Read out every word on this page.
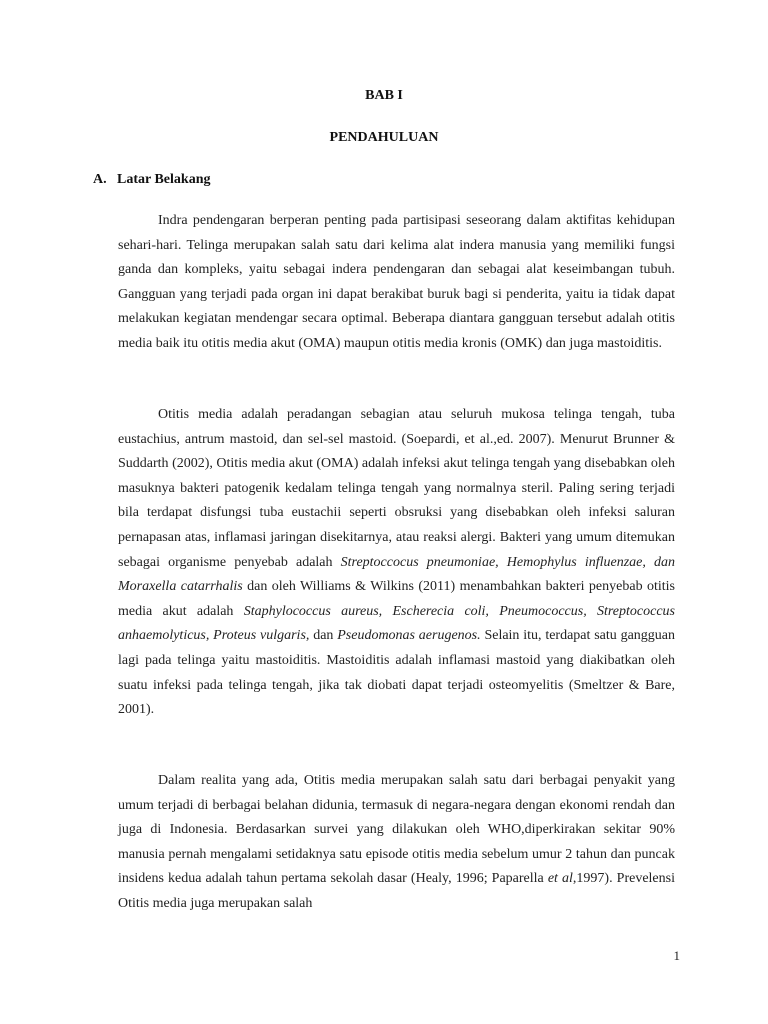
BAB I
PENDAHULUAN
A. Latar Belakang

Indra pendengaran berperan penting pada partisipasi seseorang dalam aktifitas kehidupan sehari-hari. Telinga merupakan salah satu dari kelima alat indera manusia yang memiliki fungsi ganda dan kompleks, yaitu sebagai indera pendengaran dan sebagai alat keseimbangan tubuh. Gangguan yang terjadi pada organ ini dapat berakibat buruk bagi si penderita, yaitu ia tidak dapat melakukan kegiatan mendengar secara optimal. Beberapa diantara gangguan tersebut adalah otitis media baik itu otitis media akut (OMA) maupun otitis media kronis (OMK) dan juga mastoiditis.

Otitis media adalah peradangan sebagian atau seluruh mukosa telinga tengah, tuba eustachius, antrum mastoid, dan sel-sel mastoid. (Soepardi, et al.,ed. 2007). Menurut Brunner & Suddarth (2002), Otitis media akut (OMA) adalah infeksi akut telinga tengah yang disebabkan oleh masuknya bakteri patogenik kedalam telinga tengah yang normalnya steril. Paling sering terjadi bila terdapat disfungsi tuba eustachii seperti obsruksi yang disebabkan oleh infeksi saluran pernapasan atas, inflamasi jaringan disekitarnya, atau reaksi alergi. Bakteri yang umum ditemukan sebagai organisme penyebab adalah Streptoccocus pneumoniae, Hemophylus influenzae, dan Moraxella catarrhalis dan oleh Williams & Wilkins (2011) menambahkan bakteri penyebab otitis media akut adalah Staphylococcus aureus, Escherecia coli, Pneumococcus, Streptococcus anhaemolyticus, Proteus vulgaris, dan Pseudomonas aerugenos. Selain itu, terdapat satu gangguan lagi pada telinga yaitu mastoiditis. Mastoiditis adalah inflamasi mastoid yang diakibatkan oleh suatu infeksi pada telinga tengah, jika tak diobati dapat terjadi osteomyelitis (Smeltzer & Bare, 2001).

Dalam realita yang ada, Otitis media merupakan salah satu dari berbagai penyakit yang umum terjadi di berbagai belahan didunia, termasuk di negara-negara dengan ekonomi rendah dan juga di Indonesia. Berdasarkan survei yang dilakukan oleh WHO,diperkirakan sekitar 90% manusia pernah mengalami setidaknya satu episode otitis media sebelum umur 2 tahun dan puncak insidens kedua adalah tahun pertama sekolah dasar (Healy, 1996; Paparella et al,1997). Prevelensi Otitis media juga merupakan salah

1
